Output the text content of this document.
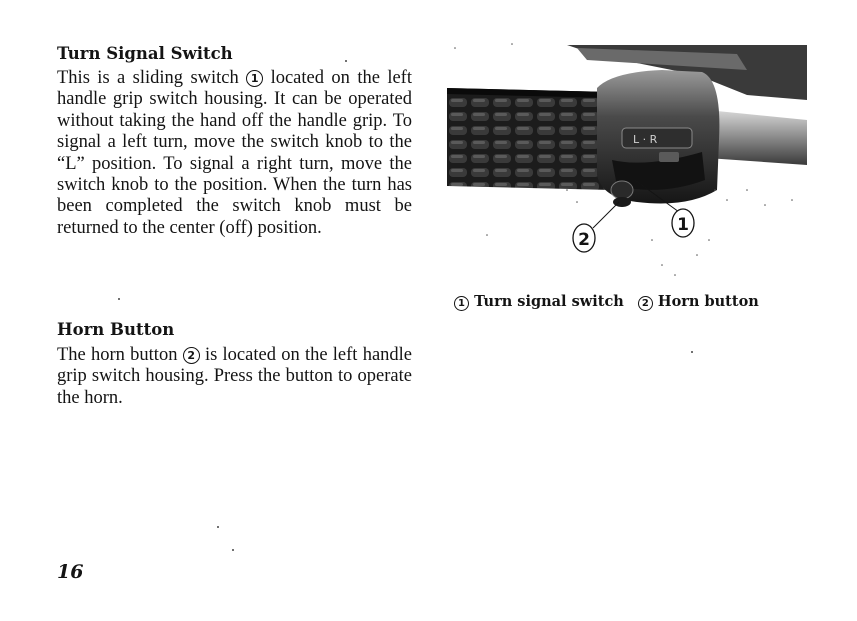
Turn Signal Switch

This is a sliding switch 1 located on the left handle grip switch housing. It can be operated without taking the hand off the handle grip. To signal a left turn, move the switch knob to the “L” position. To signal a right turn, move the switch knob to the position. When the turn has been completed the switch knob must be returned to the center (off) position.

Horn Button

The horn button 2 is located on the left handle grip switch housing. Press the button to operate the horn.

L · R
1
2
1 Turn signal switch 2 Horn button
16
